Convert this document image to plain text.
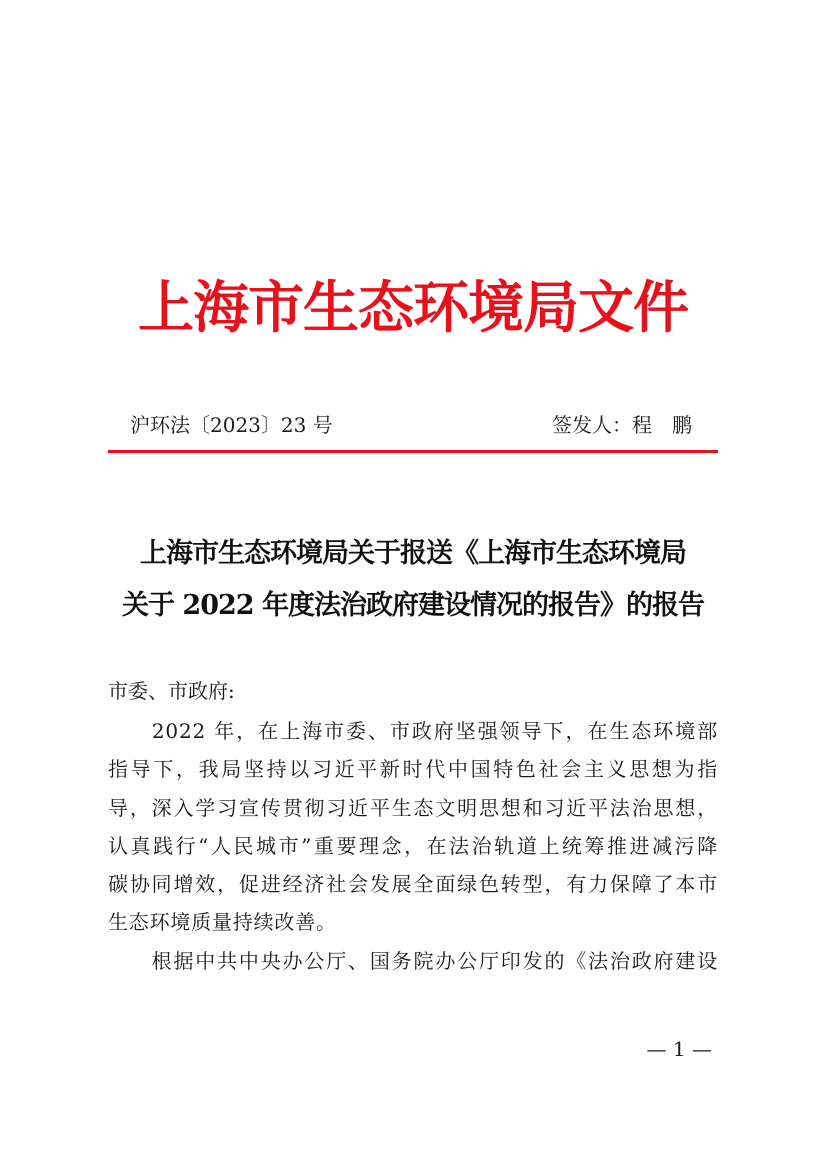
上海市生态环境局文件
沪环法〔2023〕23 号	签发人：程　鹏
上海市生态环境局关于报送《上海市生态环境局
关于 2022 年度法治政府建设情况的报告》的报告
市委、市政府:
　　2022 年，在上海市委、市政府坚强领导下，在生态环境部
指导下，我局坚持以习近平新时代中国特色社会主义思想为指
导，深入学习宣传贯彻习近平生态文明思想和习近平法治思想，
认真践行“人民城市”重要理念，在法治轨道上统筹推进减污降
碳协同增效，促进经济社会发展全面绿色转型，有力保障了本市
生态环境质量持续改善。
　　根据中共中央办公厅、国务院办公厅印发的《法治政府建设
— 1 —
